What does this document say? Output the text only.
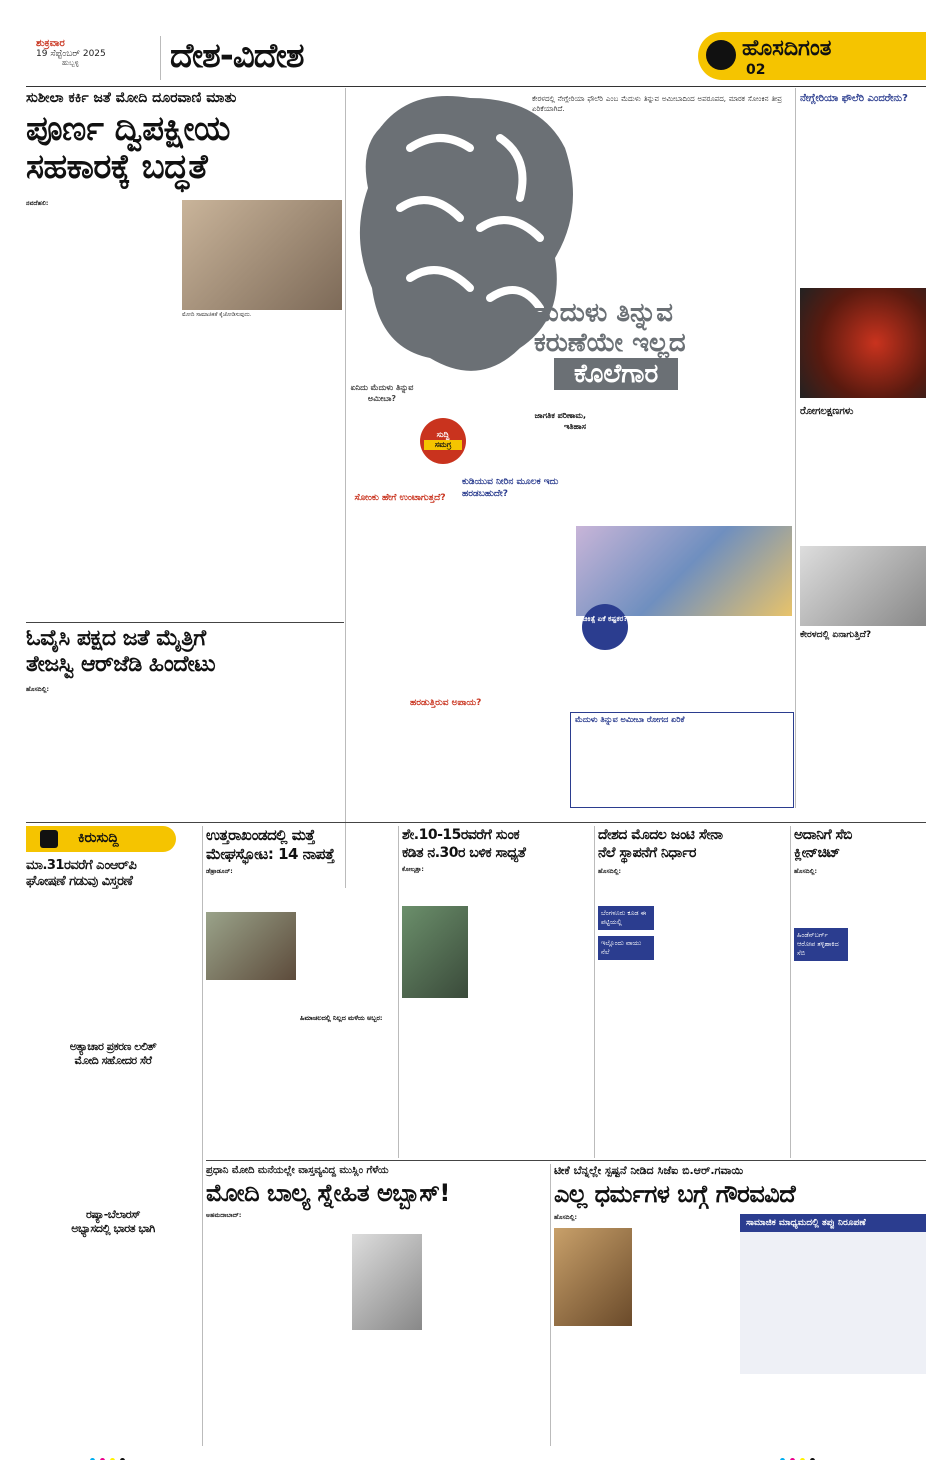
ಶುಕ್ರವಾರ
19 ಸೆಪ್ಟೆಂಬರ್ 2025
ಹುಬ್ಬಳ್ಳಿ	ದೇಶ-ವಿದೇಶ	ಹೊಸದಿಗಂತ
02
ಸುಶೀಲಾ ಕರ್ಕಿ ಜತೆ ಮೋದಿ ದೂರವಾಣಿ ಮಾತು
ಪೂರ್ಣ ದ್ವಿಪಕ್ಷೀಯ
ಸಹಕಾರಕ್ಕೆ ಬದ್ಧತೆ
ಮೋದಿ ಸಾಮಾಜಿಕತೆ ಕೈಜೋಡಿಸುವುದು.
ನವದೆಹಲಿ:
ಓವೈಸಿ ಪಕ್ಷದ ಜತೆ ಮೈತ್ರಿಗೆ
ತೇಜಸ್ವಿ ಆರ್‌ಜೆಡಿ ಹಿಂದೇಟು
ಹೊಸದಿಲ್ಲಿ:
ಕೇರಳದಲ್ಲಿ ನೇಗ್ಲೇರಿಯಾ ಫೌಲೆರಿ ಎಂಬ ಮೆದುಳು ತಿನ್ನುವ ಅಮೀಬಾದಿಂದ ಅಪರೂಪದ, ಮಾರಕ ಸೋಂಕಿನ ತೀವ್ರ ಏರಿಕೆಯಾಗಿದೆ.
ನೇಗ್ಲೇರಿಯಾ ಫೌಲೆರಿ ಎಂದರೇನು?
ಮೆದುಳು ತಿನ್ನುವ
ಕರುಣೆಯೇ ಇಲ್ಲದ
ಕೊಲೆಗಾರ
ಏನಿದು ಮೆದುಳು ತಿನ್ನುವ ಅಮೀಬಾ?
ಸುದ್ದಿ
ಸಮಗ್ರ
ಜಾಗತಿಕ ಪರಿಣಾಮ, ಇತಿಹಾಸ
ಸೋಂಕು ಹೇಗೆ ಉಂಟಾಗುತ್ತದೆ?
ಕುಡಿಯುವ ನೀರಿನ ಮೂಲಕ ಇದು ಹರಡಬಹುದೇ?
ಚಿಕಿತ್ಸೆ ಏಕೆ ಕಷ್ಟಕರ?
ಹರಡುತ್ತಿರುವ ಅಪಾಯ?
ಮೆದುಳು ತಿನ್ನುವ ಅಮೀಬಾ ರೋಗದ ಏರಿಕೆ
ರೋಗಲಕ್ಷಣಗಳು
ಕೇರಳದಲ್ಲಿ ಏನಾಗುತ್ತಿದೆ?
ಕಿರುಸುದ್ದಿ
ಮಾ.31ರವರೆಗೆ ಎಂಆರ್‌ಪಿ
ಘೋಷಣೆ ಗಡುವು ವಿಸ್ತರಣೆ
ಅತ್ಯಾಚಾರ ಪ್ರಕರಣ ಲಲಿತ್
ಮೋದಿ ಸಹೋದರ ಸೆರೆ
ರಷ್ಯಾ-ಬೆಲಾರಸ್
ಅಭ್ಯಾಸದಲ್ಲಿ ಭಾರತ ಭಾಗಿ
ಉತ್ತರಾಖಂಡದಲ್ಲಿ ಮತ್ತೆ
ಮೇಘಸ್ಫೋಟ: 14 ನಾಪತ್ತೆ
ಡೆಹ್ರಾಡೂನ್:
ಹಿಮಾಚಲದಲ್ಲಿ ನಿಲ್ಲದ ಮಳೆಯ ಅಬ್ಬರ:
ಶೇ.10-15ರವರೆಗೆ ಸುಂಕ
ಕಡಿತ ನ.30ರ ಬಳಿಕ ಸಾಧ್ಯತೆ
ಕೋಲ್ಕತ್ತಾ:
ದೇಶದ ಮೊದಲ ಜಂಟಿ ಸೇನಾ
ನೆಲೆ ಸ್ಥಾಪನೆಗೆ ನಿರ್ಧಾರ
ಹೊಸದಿಲ್ಲಿ:
ಬೆಂಗಳೂರು ಕೂಡ ಈ ಪಟ್ಟಿಯಲ್ಲಿ
ಇಲ್ಲೊಂದು ವಾಯು ನೆಲೆ
ಅದಾನಿಗೆ ಸೆಬಿ
ಕ್ಲೀನ್‌ಚಿಟ್
ಹೊಸದಿಲ್ಲಿ:
ಹಿಂಡೆನ್‌ಬರ್ಗ್ ಆರೋಪ ತಳ್ಳಿಹಾಕಿದ ಸೆಬಿ
ಪ್ರಧಾನಿ ಮೋದಿ ಮನೆಯಲ್ಲೇ ವಾಸ್ತವ್ಯವಿದ್ದ ಮುಸ್ಲಿಂ ಗೆಳೆಯ
ಮೋದಿ ಬಾಲ್ಯ ಸ್ನೇಹಿತ ಅಬ್ಬಾಸ್!
ಅಹಮದಾಬಾದ್:
ಟೀಕೆ ಬೆನ್ನಲ್ಲೇ ಸ್ಪಷ್ಟನೆ ನೀಡಿದ ಸಿಜೆಐ ಬಿ.ಆರ್.ಗವಾಯಿ
ಎಲ್ಲ ಧರ್ಮಗಳ ಬಗ್ಗೆ ಗೌರವವಿದೆ
ಹೊಸದಿಲ್ಲಿ:
ಸಾಮಾಜಿಕ ಮಾಧ್ಯಮದಲ್ಲಿ ತಪ್ಪು ನಿರೂಪಣೆ
